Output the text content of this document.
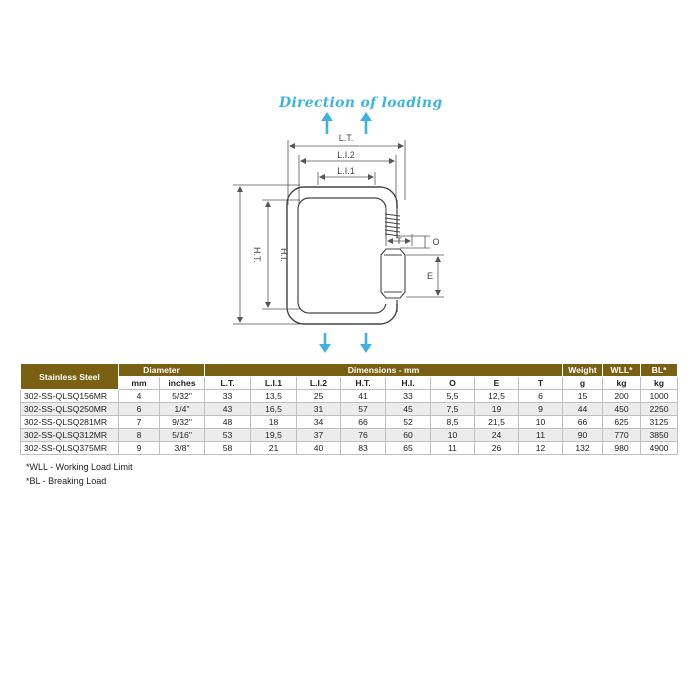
Direction of loading
L.T.
L.I.2
L.I.1
T	O
E
H.T. H.I.
Stainless Steel	Diameter		Dimensions - mm								Weight	WLL*	BL*
	mm	inches	L.T.	L.I.1	L.I.2	H.T.	H.I.	O	E	T	g	kg	kg
302-SS-QLSQ156MR	4	5/32"	33	13,5	25	41	33	5,5	12,5	6	15	200	1000
302-SS-QLSQ250MR	6	1/4"	43	16,5	31	57	45	7,5	19	9	44	450	2250
302-SS-QLSQ281MR	7	9/32"	48	18	34	66	52	8,5	21,5	10	66	625	3125
302-SS-QLSQ312MR	8	5/16"	53	19,5	37	76	60	10	24	11	90	770	3850
302-SS-QLSQ375MR	9	3/8"	58	21	40	83	65	11	26	12	132	980	4900
*WLL - Working Load Limit
*BL - Breaking Load
